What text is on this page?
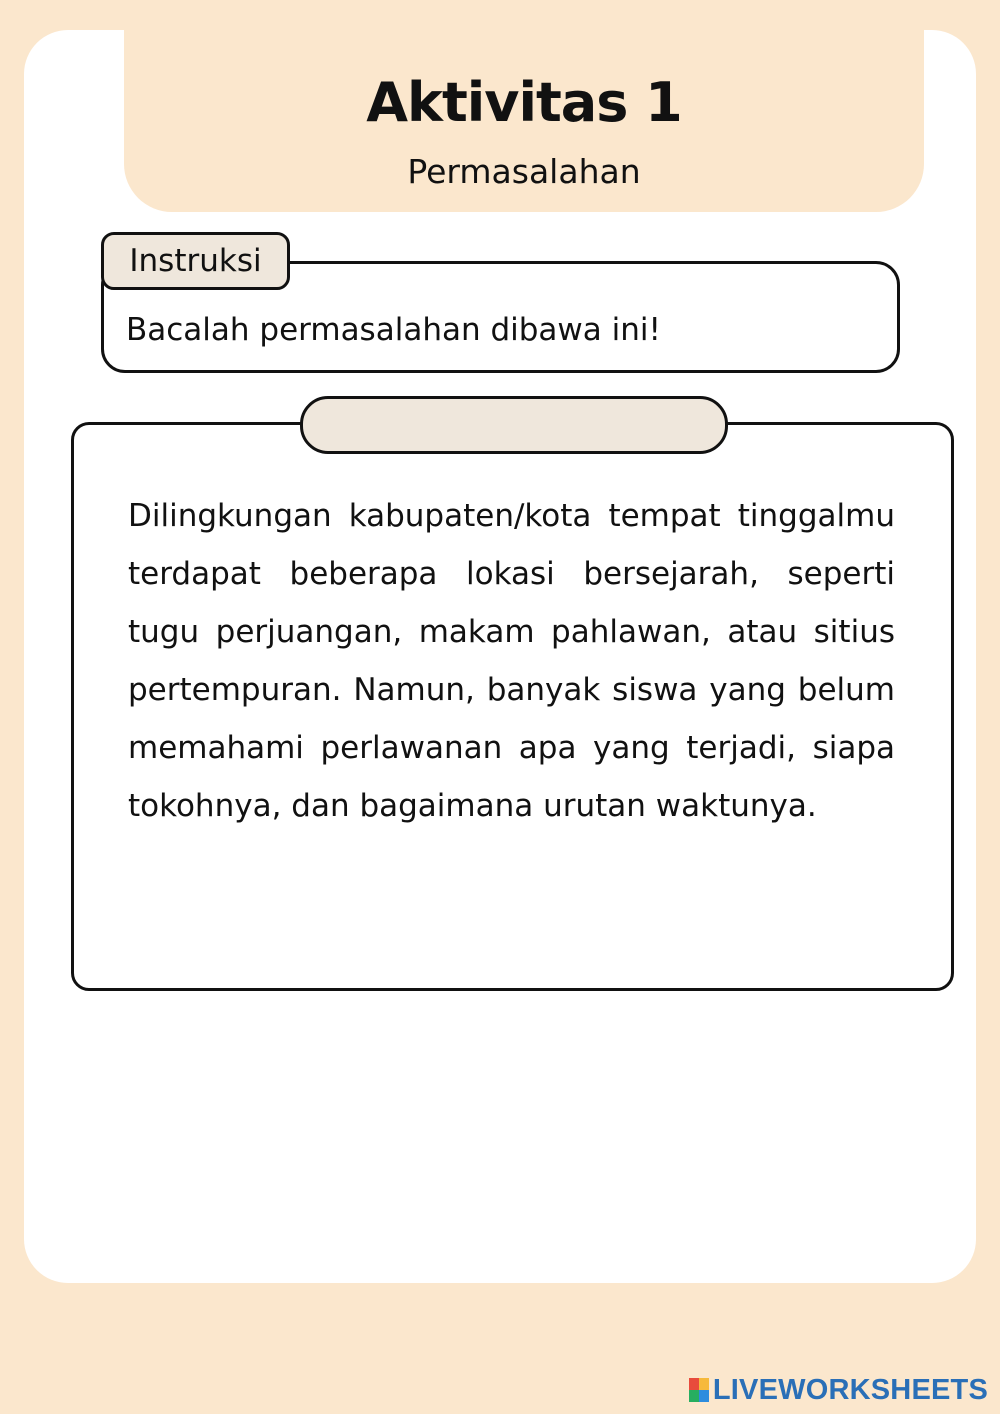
Aktivitas 1
Permasalahan
Instruksi
Bacalah permasalahan dibawa ini!
Dilingkungan kabupaten/kota tempat tinggalmu terdapat beberapa lokasi bersejarah, seperti tugu perjuangan, makam pahlawan, atau sitius pertempuran. Namun, banyak siswa yang belum memahami perlawanan apa yang terjadi, siapa tokohnya, dan bagaimana urutan waktunya.
LIVEWORKSHEETS
